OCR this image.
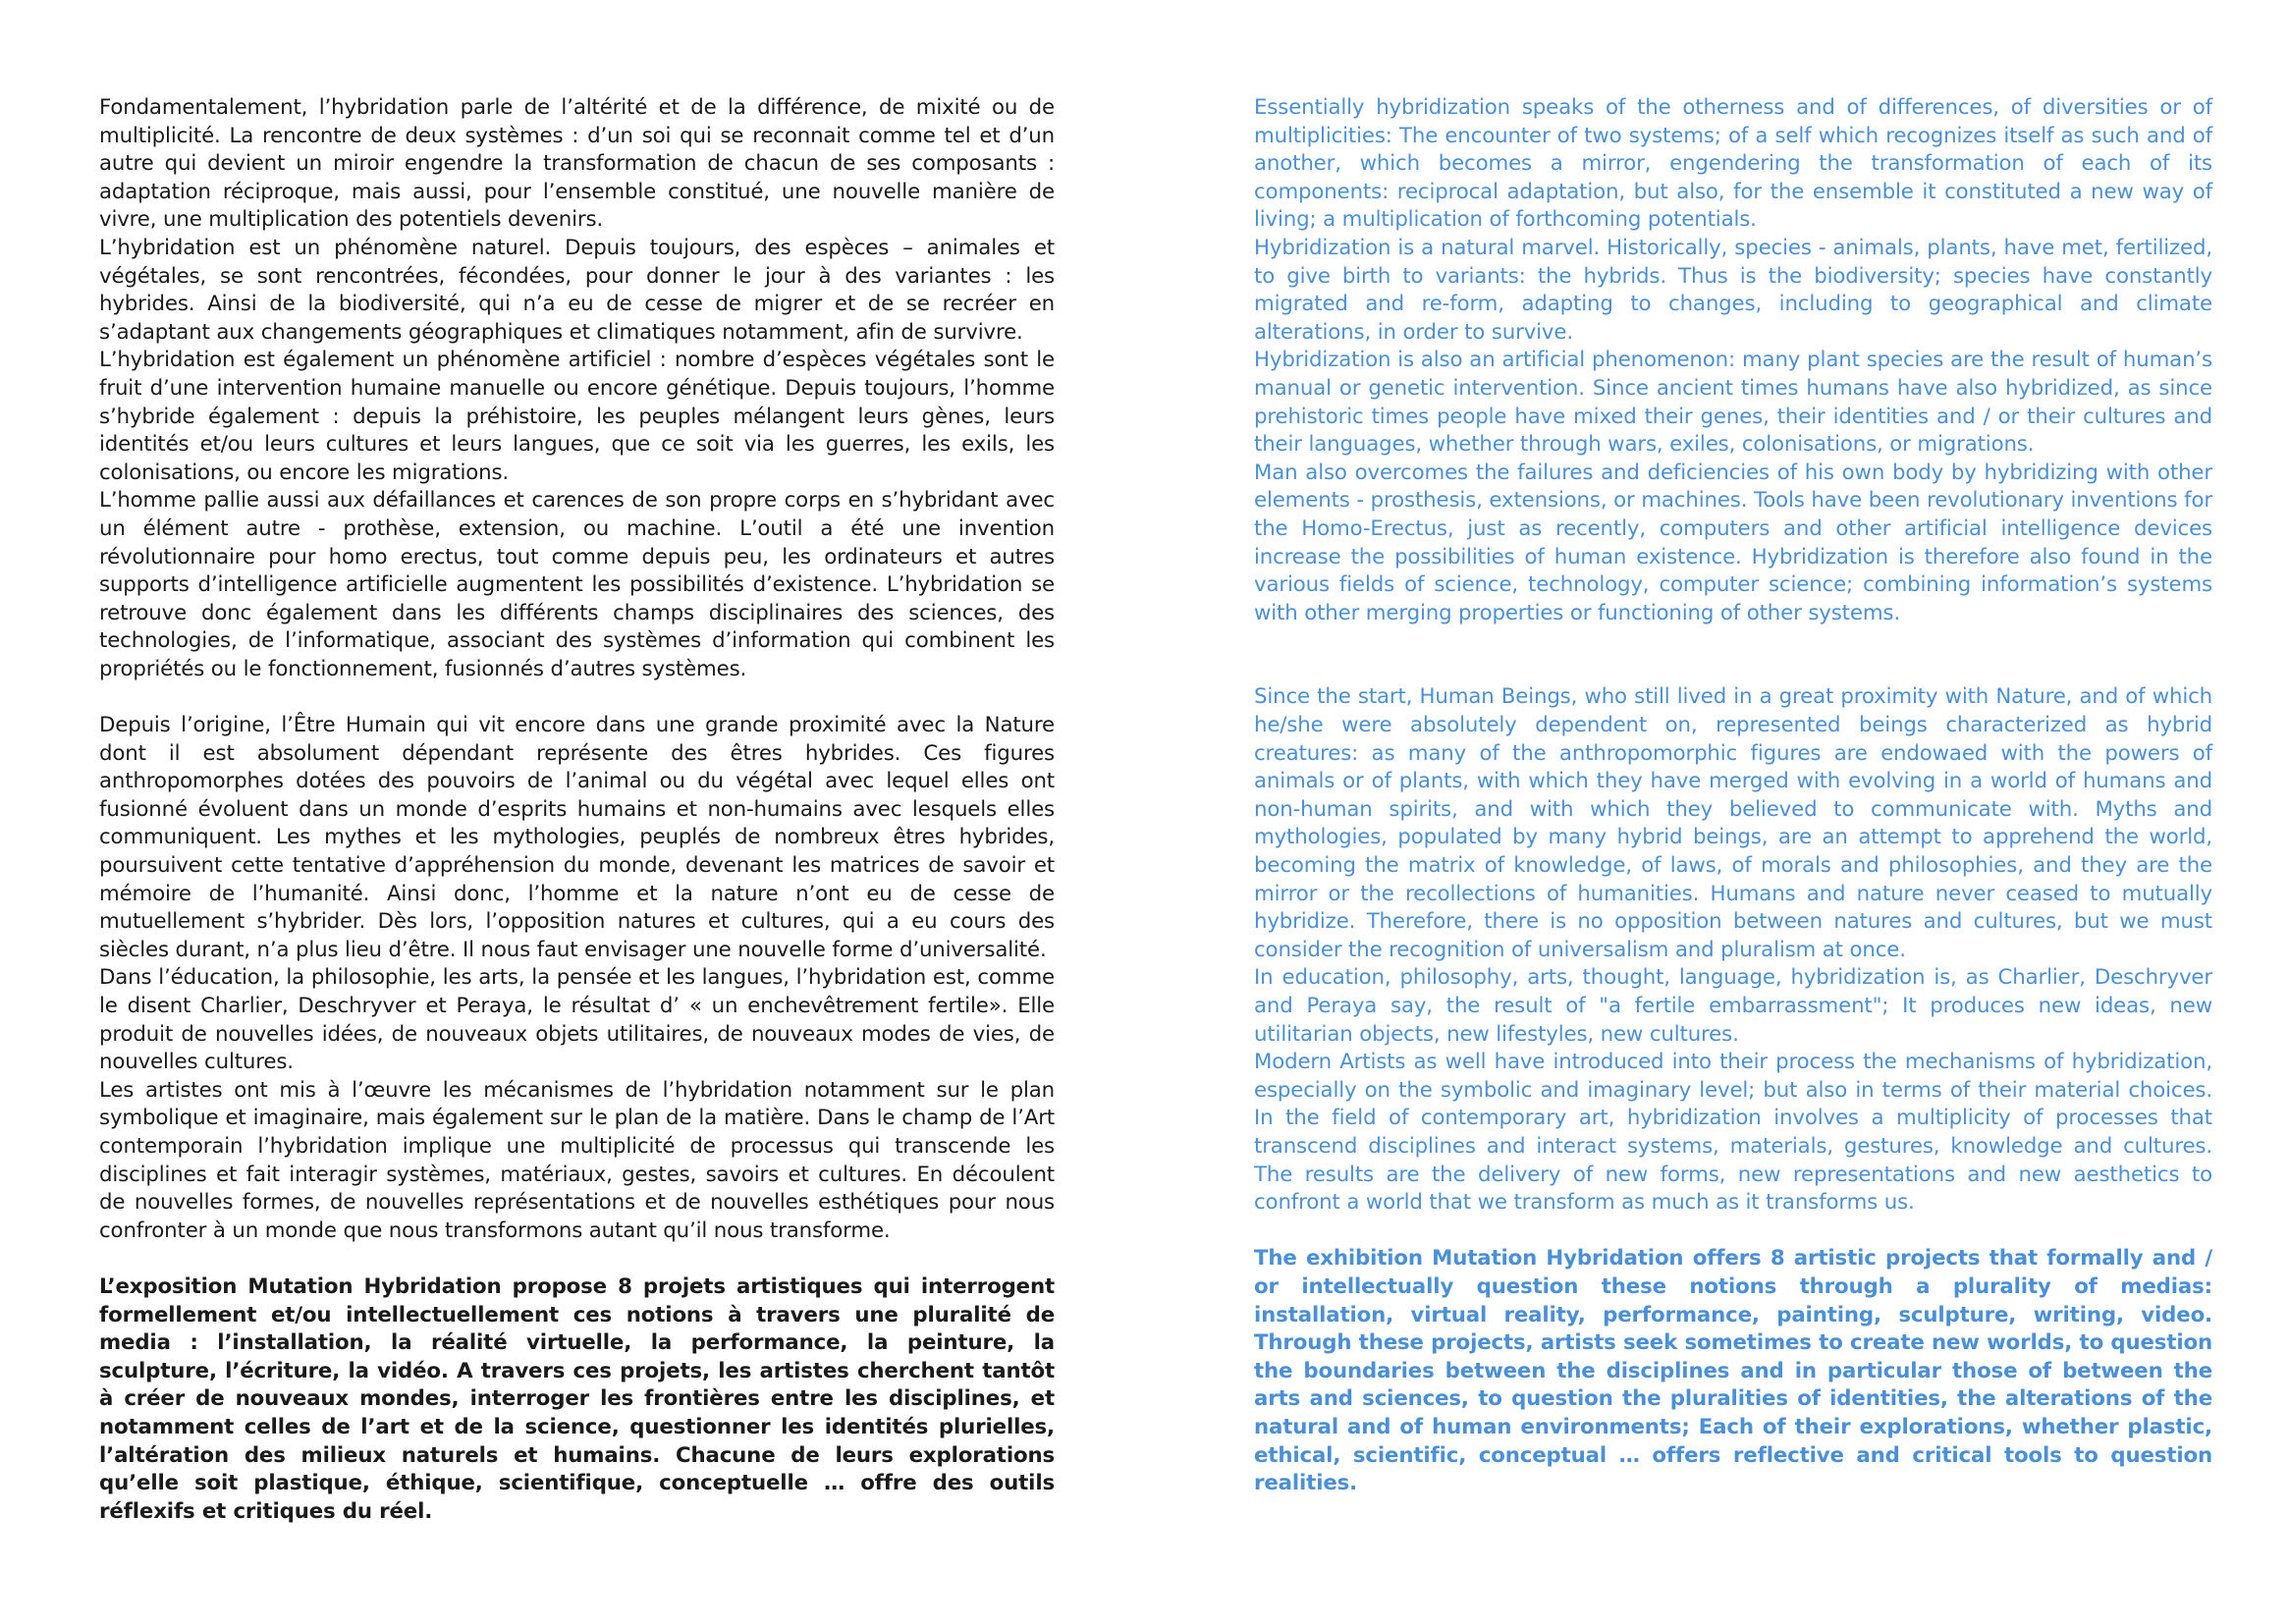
Fondamentalement, l’hybridation parle de l’altérité et de la différence, de mixité ou de multiplicité. La rencontre de deux systèmes : d’un soi qui se reconnait comme tel et d’un autre qui devient un miroir engendre la transformation de chacun de ses composants : adaptation réciproque, mais aussi, pour l’ensemble constitué, une nouvelle manière de vivre, une multiplication des potentiels devenirs.

L’hybridation est un phénomène naturel. Depuis toujours, des espèces – animales et végétales, se sont rencontrées, fécondées, pour donner le jour à des variantes : les hybrides. Ainsi de la biodiversité, qui n’a eu de cesse de migrer et de se recréer en s’adaptant aux changements géographiques et climatiques notamment, afin de survivre.

L’hybridation est également un phénomène artificiel : nombre d’espèces végétales sont le fruit d’une intervention humaine manuelle ou encore génétique. Depuis toujours, l’homme s’hybride également : depuis la préhistoire, les peuples mélangent leurs gènes, leurs identités et/ou leurs cultures et leurs langues, que ce soit via les guerres, les exils, les colonisations, ou encore les migrations.

L’homme pallie aussi aux défaillances et carences de son propre corps en s’hybridant avec un élément autre - prothèse, extension, ou machine. L’outil a été une invention révolutionnaire pour homo erectus, tout comme depuis peu, les ordinateurs et autres supports d’intelligence artificielle augmentent les possibilités d’existence. L’hybridation se retrouve donc également dans les différents champs disciplinaires des sciences, des technologies, de l’informatique, associant des systèmes d’information qui combinent les propriétés ou le fonctionnement, fusionnés d’autres systèmes.

Depuis l’origine, l’Être Humain qui vit encore dans une grande proximité avec la Nature dont il est absolument dépendant représente des êtres hybrides. Ces figures anthropomorphes dotées des pouvoirs de l’animal ou du végétal avec lequel elles ont fusionné évoluent dans un monde d’esprits humains et non-humains avec lesquels elles communiquent. Les mythes et les mythologies, peuplés de nombreux êtres hybrides, poursuivent cette tentative d’appréhension du monde, devenant les matrices de savoir et mémoire de l’humanité. Ainsi donc, l’homme et la nature n’ont eu de cesse de mutuellement s’hybrider. Dès lors, l’opposition natures et cultures, qui a eu cours des siècles durant, n’a plus lieu d’être. Il nous faut envisager une nouvelle forme d’universalité.

Dans l’éducation, la philosophie, les arts, la pensée et les langues, l’hybridation est, comme le disent Charlier, Deschryver et Peraya, le résultat d’ « un enchevêtrement fertile». Elle produit de nouvelles idées, de nouveaux objets utilitaires, de nouveaux modes de vies, de nouvelles cultures.

Les artistes ont mis à l’œuvre les mécanismes de l’hybridation notamment sur le plan symbolique et imaginaire, mais également sur le plan de la matière. Dans le champ de l’Art contemporain l’hybridation implique une multiplicité de processus qui transcende les disciplines et fait interagir systèmes, matériaux, gestes, savoirs et cultures. En découlent de nouvelles formes, de nouvelles représentations et de nouvelles esthétiques pour nous confronter à un monde que nous transformons autant qu’il nous transforme.

L’exposition Mutation Hybridation propose 8 projets artistiques qui interrogent formellement et/ou intellectuellement ces notions à travers une pluralité de media : l’installation, la réalité virtuelle, la performance, la peinture, la sculpture, l’écriture, la vidéo. A travers ces projets, les artistes cherchent tantôt à créer de nouveaux mondes, interroger les frontières entre les disciplines, et notamment celles de l’art et de la science, questionner les identités plurielles, l’altération des milieux naturels et humains. Chacune de leurs explorations qu’elle soit plastique, éthique, scientifique, conceptuelle … offre des outils réflexifs et critiques du réel.

Essentially hybridization speaks of the otherness and of differences, of diversities or of multiplicities: The encounter of two systems; of a self which recognizes itself as such and of another, which becomes a mirror, engendering the transformation of each of its components: reciprocal adaptation, but also, for the ensemble it constituted a new way of living; a multiplication of forthcoming potentials.

Hybridization is a natural marvel. Historically, species - animals, plants, have met, fertilized, to give birth to variants: the hybrids. Thus is the biodiversity; species have constantly migrated and re-form, adapting to changes, including to geographical and climate alterations, in order to survive.

Hybridization is also an artificial phenomenon: many plant species are the result of human’s manual or genetic intervention. Since ancient times humans have also hybridized, as since prehistoric times people have mixed their genes, their identities and / or their cultures and their languages, whether through wars, exiles, colonisations, or migrations.

Man also overcomes the failures and deficiencies of his own body by hybridizing with other elements - prosthesis, extensions, or machines. Tools have been revolutionary inventions for the Homo-Erectus, just as recently, computers and other artificial intelligence devices increase the possibilities of human existence. Hybridization is therefore also found in the various fields of science, technology, computer science; combining information’s systems with other merging properties or functioning of other systems.

Since the start, Human Beings, who still lived in a great proximity with Nature, and of which he/she were absolutely dependent on, represented beings characterized as hybrid creatures: as many of the anthropomorphic figures are endowaed with the powers of animals or of plants, with which they have merged with evolving in a world of humans and non-human spirits, and with which they believed to communicate with. Myths and mythologies, populated by many hybrid beings, are an attempt to apprehend the world, becoming the matrix of knowledge, of laws, of morals and philosophies, and they are the mirror or the recollections of humanities. Humans and nature never ceased to mutually hybridize. Therefore, there is no opposition between natures and cultures, but we must consider the recognition of universalism and pluralism at once.

In education, philosophy, arts, thought, language, hybridization is, as Charlier, Deschryver and Peraya say, the result of "a fertile embarrassment"; It produces new ideas, new utilitarian objects, new lifestyles, new cultures.

Modern Artists as well have introduced into their process the mechanisms of hybridization, especially on the symbolic and imaginary level; but also in terms of their material choices. In the field of contemporary art, hybridization involves a multiplicity of processes that transcend disciplines and interact systems, materials, gestures, knowledge and cultures. The results are the delivery of new forms, new representations and new aesthetics to confront a world that we transform as much as it transforms us.

The exhibition Mutation Hybridation offers 8 artistic projects that formally and / or intellectually question these notions through a plurality of medias: installation, virtual reality, performance, painting, sculpture, writing, video. Through these projects, artists seek sometimes to create new worlds, to question the boundaries between the disciplines and in particular those of between the arts and sciences, to question the pluralities of identities, the alterations of the natural and of human environments; Each of their explorations, whether plastic, ethical, scientific, conceptual … offers reflective and critical tools to question realities.
